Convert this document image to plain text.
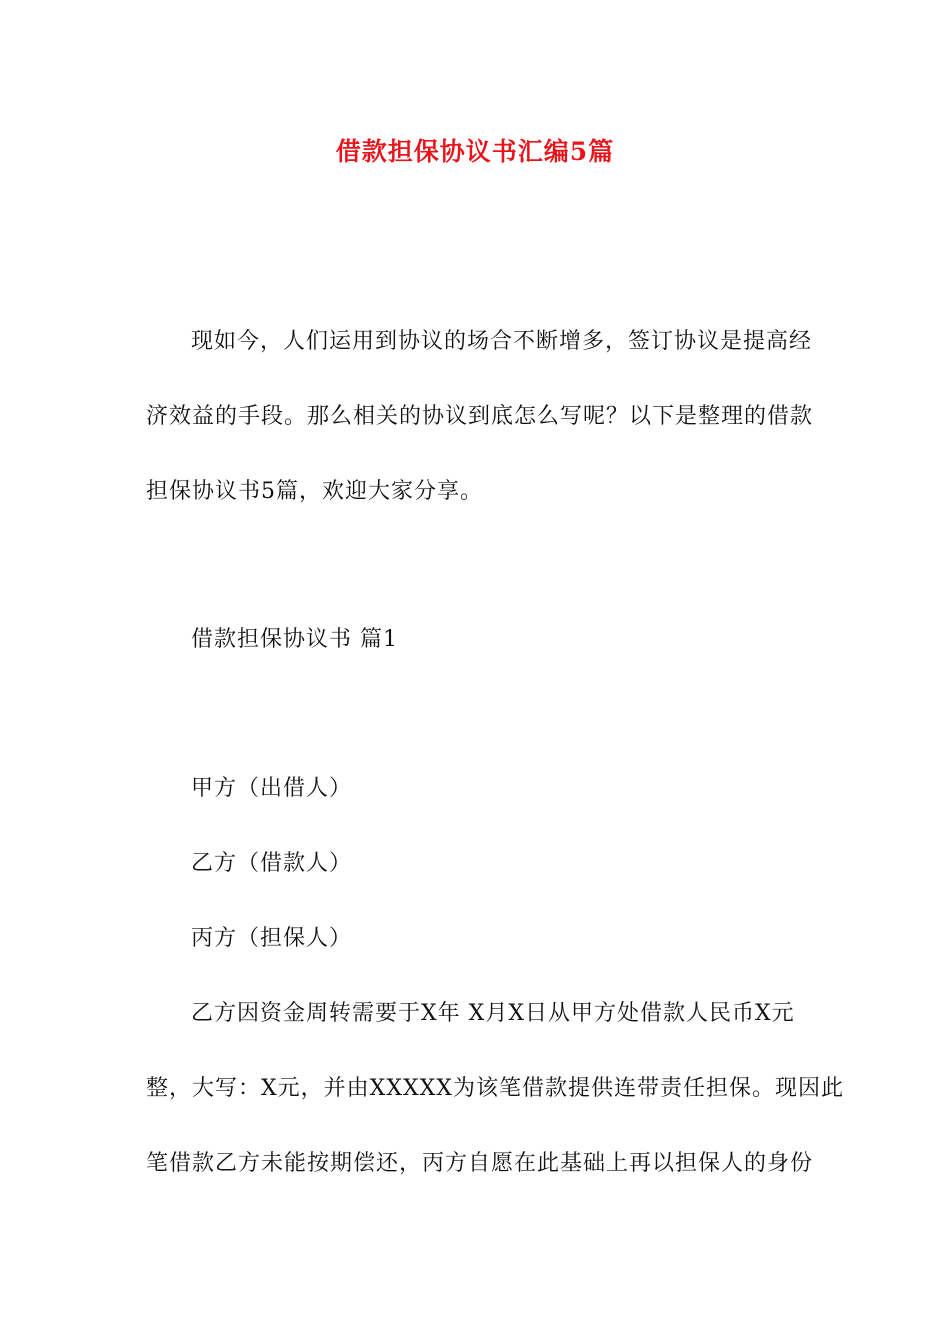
借款担保协议书汇编5篇
现如今，人们运用到协议的场合不断增多，签订协议是提高经
济效益的手段。那么相关的协议到底怎么写呢？以下是整理的借款
担保协议书5篇，欢迎大家分享。
借款担保协议书 篇1
甲方（出借人）
乙方（借款人）
丙方（担保人）
乙方因资金周转需要于X年 X月X日从甲方处借款人民币X元
整，大写：X元，并由XXXXX为该笔借款提供连带责任担保。现因此
笔借款乙方未能按期偿还，丙方自愿在此基础上再以担保人的身份
